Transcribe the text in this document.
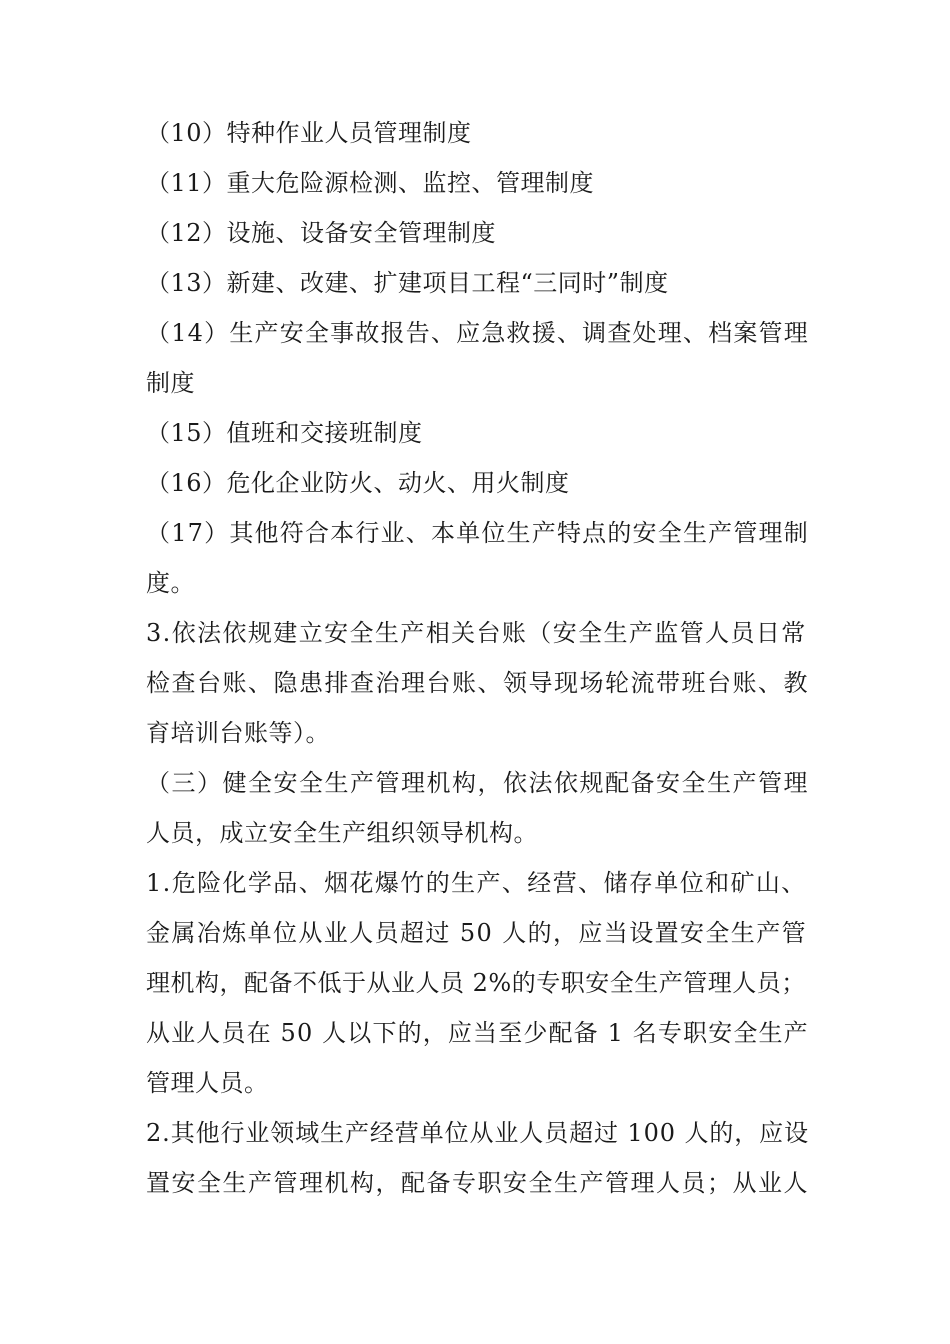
（10）特种作业人员管理制度
（11）重大危险源检测、监控、管理制度
（12）设施、设备安全管理制度
（13）新建、改建、扩建项目工程“三同时”制度
（14）生产安全事故报告、应急救援、调查处理、档案管理
制度
（15）值班和交接班制度
（16）危化企业防火、动火、用火制度
（17）其他符合本行业、本单位生产特点的安全生产管理制
度。
3.依法依规建立安全生产相关台账（安全生产监管人员日常
检查台账、隐患排查治理台账、领导现场轮流带班台账、教
育培训台账等）。
（三）健全安全生产管理机构，依法依规配备安全生产管理
人员，成立安全生产组织领导机构。
1.危险化学品、烟花爆竹的生产、经营、储存单位和矿山、
金属冶炼单位从业人员超过 50 人的，应当设置安全生产管
理机构，配备不低于从业人员 2%的专职安全生产管理人员；
从业人员在 50 人以下的，应当至少配备 1 名专职安全生产
管理人员。
2.其他行业领域生产经营单位从业人员超过 100 人的，应设
置安全生产管理机构，配备专职安全生产管理人员；从业人
